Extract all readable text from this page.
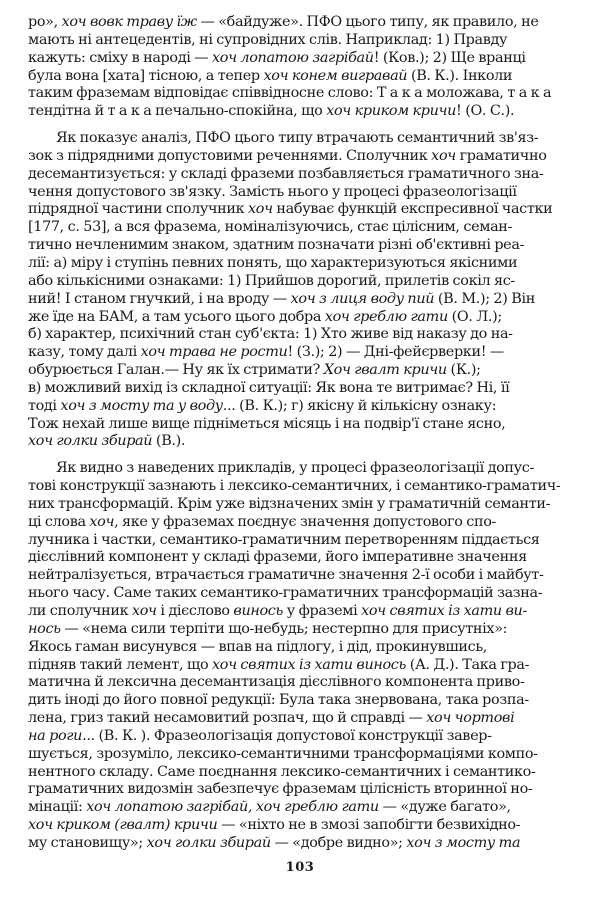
ро», хоч вовк траву їж — «байдуже». ПФО цього типу, як правило, не
мають ні антецедентів, ні супровідних слів. Наприклад: 1) Правду
кажуть: сміху в народі — хоч лопатою загрібай! (Ков.); 2) Ще вранці
була вона [хата] тісною, а тепер хоч конем вигравай (В. К.). Інколи
таким фраземам відповідає співвідносне слово: Т а к а моложава, т а к а
тендітна й т а к а печально-спокійна, що хоч криком кричи! (О. С.).
Як показує аналіз, ПФО цього типу втрачають семантичний зв'яз-
зок з підрядними допустовими реченнями. Сполучник хоч граматично
десемантизується: у складі фраземи позбавляється граматичного зна-
чення допустового зв'язку. Замість нього у процесі фразеологізації
підрядної частини сполучник хоч набуває функцій експресивної частки
[177, с. 53], а вся фразема, номіналізуючись, стає цілісним, семан-
тично нечленимим знаком, здатним позначати різні об'єктивні реа-
лії: а) міру і ступінь певних понять, що характеризуються якісними
або кількісними ознаками: 1) Прийшов дорогий, прилетів сокіл яс-
ний! І станом гнучкий, і на вроду — хоч з лиця воду пий (В. М.); 2) Він
же їде на БАМ, а там усього цього добра хоч греблю гати (О. Л.);
б) характер, психічний стан суб'єкта: 1) Хто живе від наказу до на-
казу, тому далі хоч трава не рости! (З.); 2) — Дні-фейєрверки! —
обурюється Галан.— Ну як їх стримати? Хоч гвалт кричи (К.);
в) можливий вихід із складної ситуації: Як вона те витримає? Ні, її
тоді хоч з мосту та у воду... (В. К.); г) якісну й кількісну ознаку:
Тож нехай лише вище підніметься місяць і на подвір'ї стане ясно,
хоч голки збирай (В.).
Як видно з наведених прикладів, у процесі фразеологізації допус-
тові конструкції зазнають і лексико-семантичних, і семантико-граматич-
них трансформацій. Крім уже відзначених змін у граматичній семанти-
ці слова хоч, яке у фраземах поєднує значення допустового спо-
лучника і частки, семантико-граматичним перетворенням піддається
дієслівний компонент у складі фраземи, його імперативне значення
нейтралізується, втрачається граматичне значення 2-ї особи і майбут-
нього часу. Саме таких семантико-граматичних трансформацій зазна-
ли сполучник хоч і дієслово винось у фраземі хоч святих із хати ви-
нось — «нема сили терпіти що-небудь; нестерпно для присутніх»:
Якось гаман висунувся — впав на підлогу, і дід, прокинувшись,
підняв такий лемент, що хоч святих із хати винось (А. Д.). Така гра-
матична й лексична десемантизація дієслівного компонента приво-
дить іноді до його повної редукції: Була така знервована, така розпа-
лена, гриз такий несамовитий розпач, що й справді — хоч чортові
на роги... (В. К. ). Фразеологізація допустової конструкції завер-
шується, зрозуміло, лексико-семантичними трансформаціями компо-
нентного складу. Саме поєднання лексико-семантичних і семантико-
граматичних видозмін забезпечує фраземам цілісність вторинної но-
мінації: хоч лопатою загрібай, хоч греблю гати — «дуже багато»,
хоч криком (гвалт) кричи — «ніхто не в змозі запобігти безвихідно-
му становищу»; хоч голки збирай — «добре видно»; хоч з мосту та
103
